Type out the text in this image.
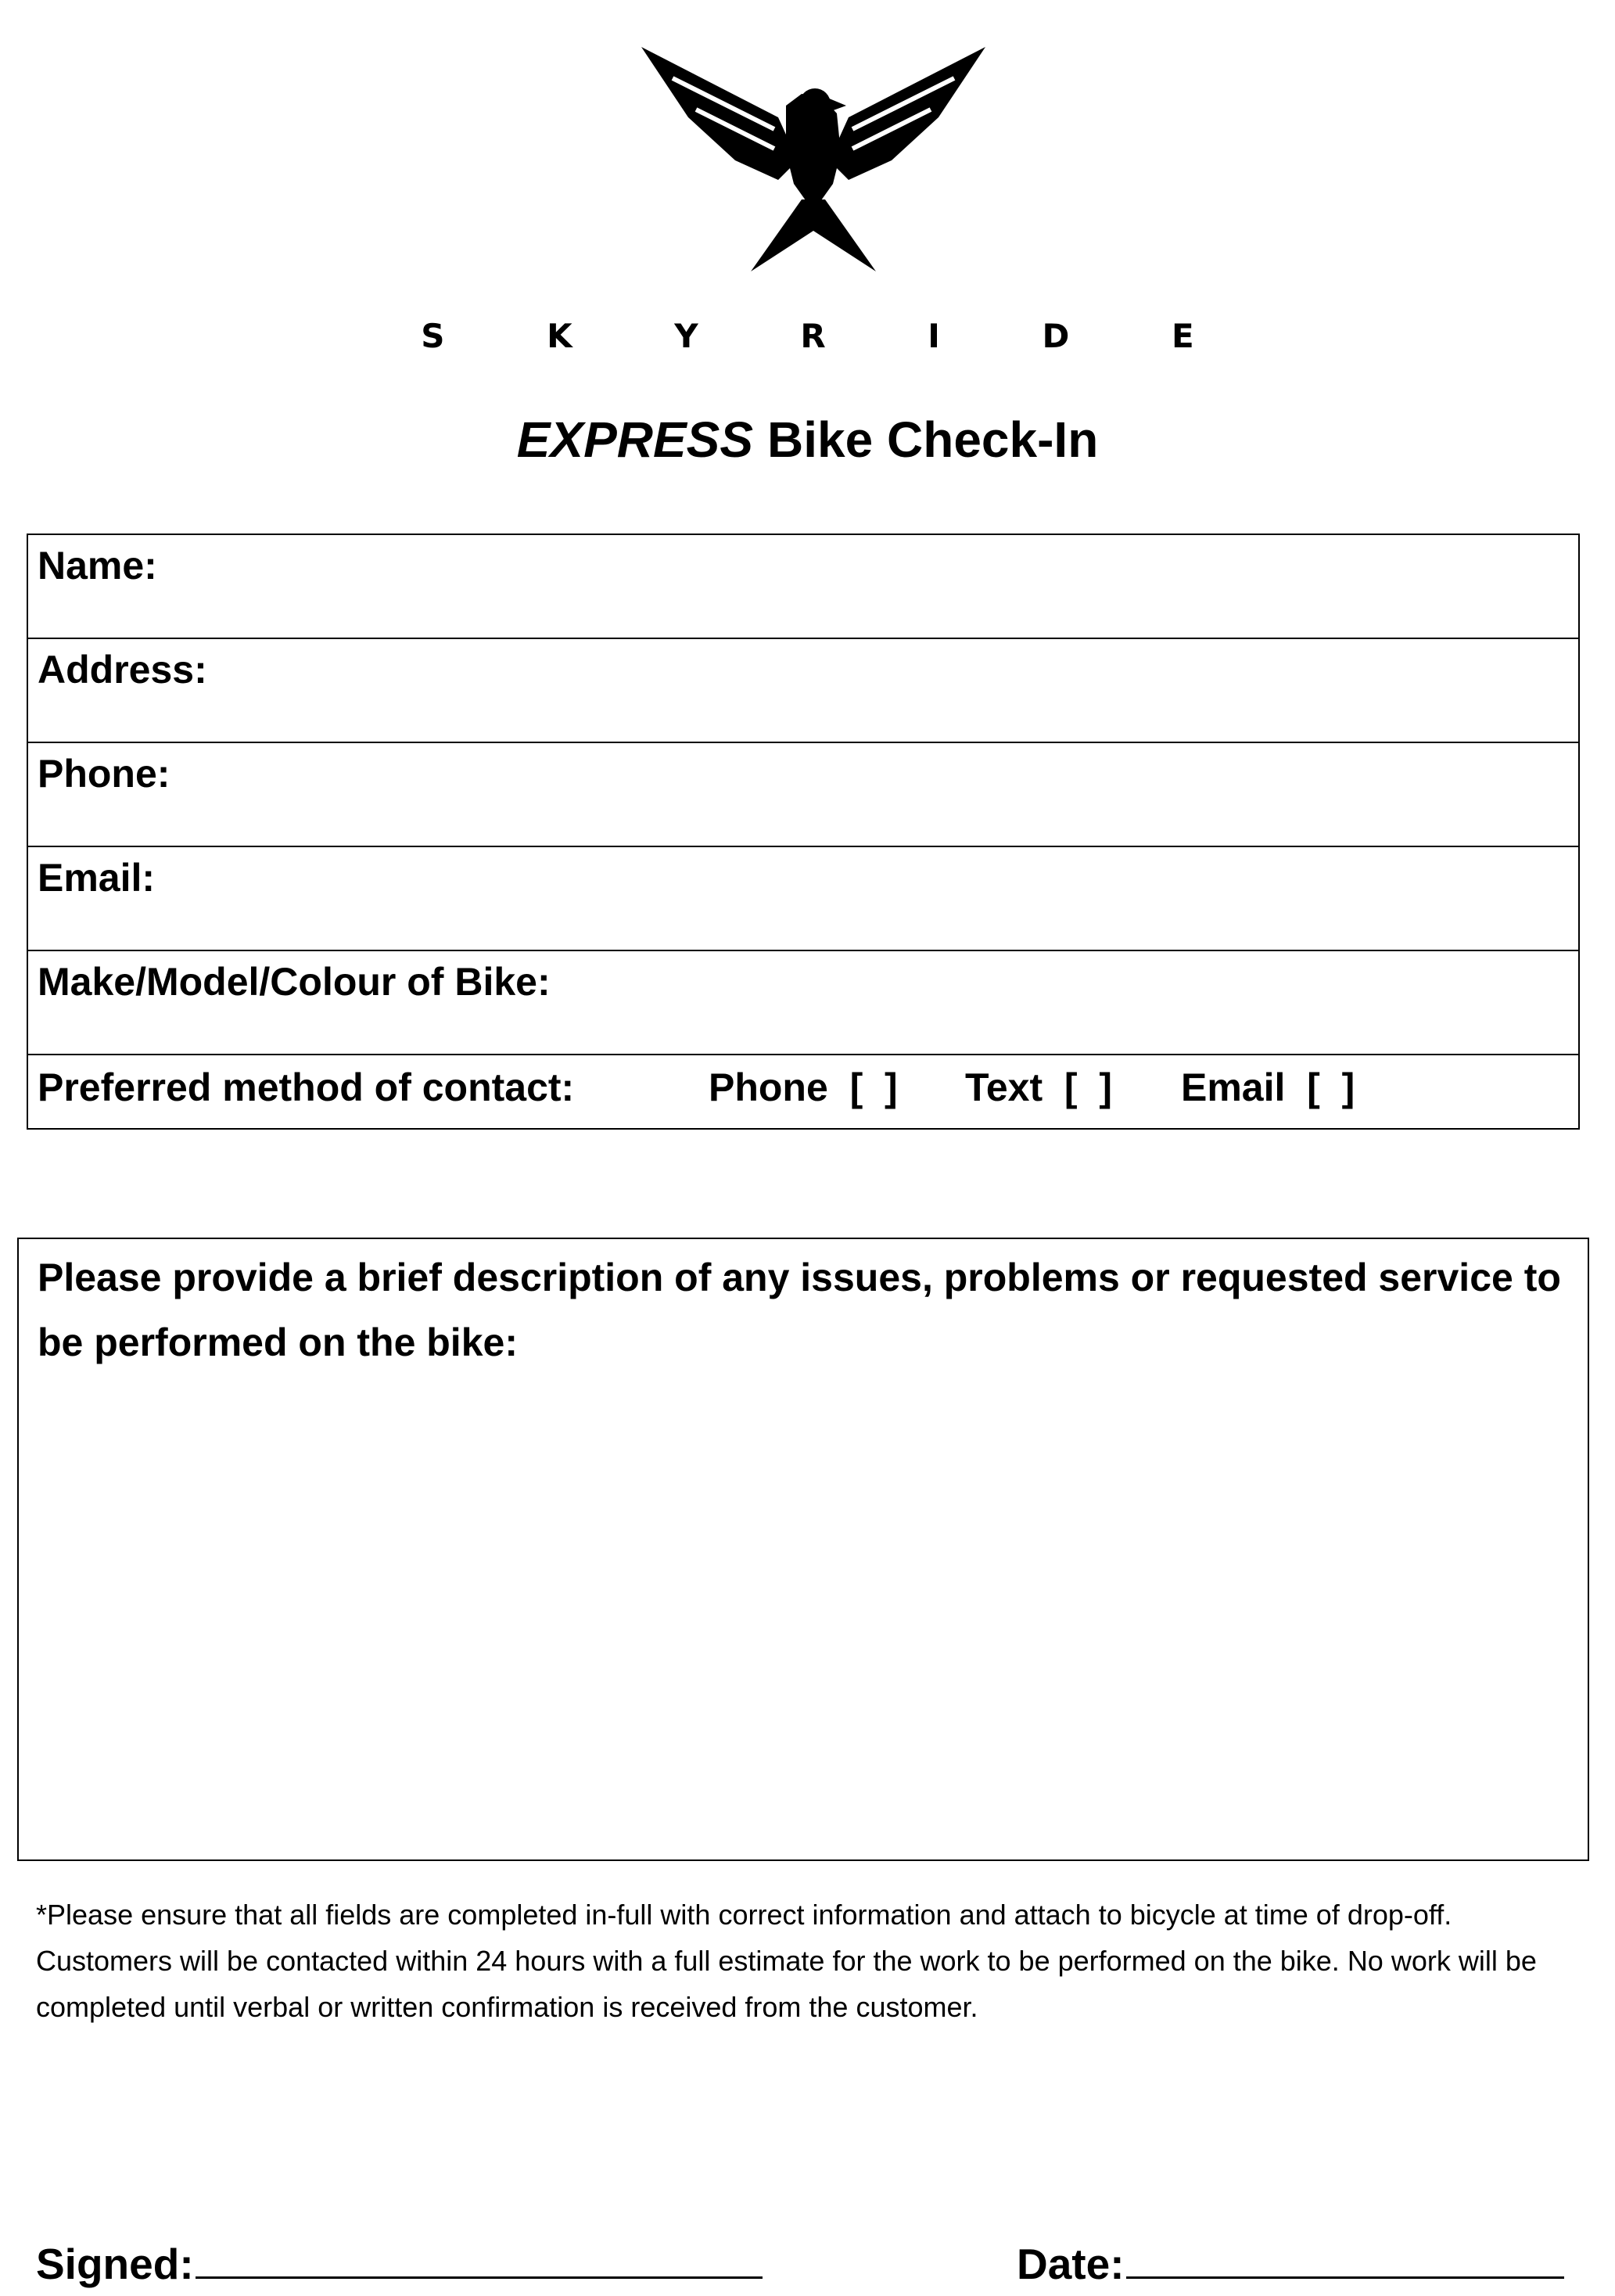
S K Y R I D E
EXPRESS Bike Check-In
Name:
Address:
Phone:
Email:
Make/Model/Colour of Bike:
Preferred method of contact:	Phone  [  ] Text  [  ] Email  [  ]
Please provide a brief description of any issues, problems or requested service to be performed on the bike:
*Please ensure that all fields are completed in-full with correct information and attach to bicycle at time of drop-off. Customers will be contacted within 24 hours with a full estimate for the work to be performed on the bike. No work will be completed until verbal or written confirmation is received from the customer.
Signed:	Date:
